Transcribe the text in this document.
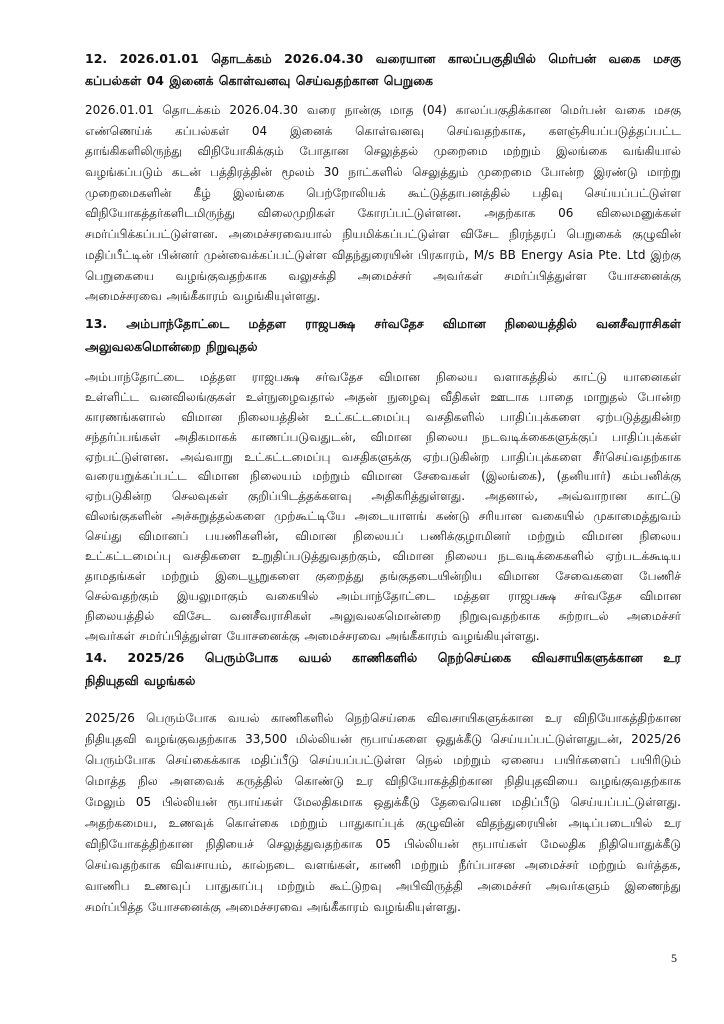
12. 2026.01.01 தொடக்கம் 2026.04.30 வரையான காலப்பகுதியில் மெர்பன் வகை மசகு
கப்பல்கள் 04 இனைக் கொள்வனவு செய்வதற்கான பெறுகை
2026.01.01 தொடக்கம் 2026.04.30 வரை நான்கு மாத (04) காலப்பகுதிக்கான மெர்பன் வகை மசகு
எண்ணெய்க் கப்பல்கள் 04 இனைக் கொள்வனவு செய்வதற்காக, களஞ்சியப்படுத்தப்பட்ட
தாங்கிகளிலிருந்து விநியோகிக்கும் போதான செலுத்தல் முறைமை மற்றும் இலங்கை வங்கியால்
வழங்கப்படும் கடன் பத்திரத்தின் மூலம் 30 நாட்களில் செலுத்தும் முறைமை போன்ற இரண்டு மாற்று
முறைமைகளின் கீழ் இலங்கை பெற்றோலியக் கூட்டுத்தாபனத்தில் பதிவு செய்யப்பட்டுள்ள
விநியோகத்தர்களிடமிருந்து விலைமுறிகள் கோரப்பட்டுள்ளன. அதற்காக 06 விலைமனுக்கள்
சமர்ப்பிக்கப்பட்டுள்ளன. அமைச்சரவையால் நியமிக்கப்பட்டுள்ள விசேட நிரந்தரப் பெறுகைக் குழுவின்
மதிப்பீட்டின் பின்னர் முன்வைக்கப்பட்டுள்ள விதந்துரையின் பிரகாரம், M/s BB Energy Asia Pte. Ltd இற்கு
பெறுகையை வழங்குவதற்காக வலுசக்தி அமைச்சர் அவர்கள் சமர்ப்பித்துள்ள யோசனைக்கு
அமைச்சரவை அங்கீகாரம் வழங்கியுள்ளது.
13. அம்பாந்தோட்டை மத்தள ராஜபக்ஷ சர்வதேச விமான நிலையத்தில் வனசீவராசிகள்
அலுவலகமொன்றை நிறுவுதல்
அம்பாந்தோட்டை மத்தள ராஜபக்ஷ சர்வதேச விமான நிலைய வளாகத்தில் காட்டு யானைகள்
உள்ளிட்ட வனவிலங்குகள் உள்நுழைவதால் அதன் நுழைவு வீதிகள் ஊடாக பாதை மாறுதல் போன்ற
காரணங்களால் விமான நிலையத்தின் உட்கட்டமைப்பு வசதிகளில் பாதிப்புக்களை ஏற்படுத்துகின்ற
சந்தர்ப்பங்கள் அதிகமாகக் காணப்படுவதுடன், விமான நிலைய நடவடிக்கைகளுக்குப் பாதிப்புக்கள்
ஏற்பட்டுள்ளன. அவ்வாறு உட்கட்டமைப்பு வசதிகளுக்கு ஏற்படுகின்ற பாதிப்புக்களை சீர்செய்வதற்காக
வரையறுக்கப்பட்ட விமான நிலையம் மற்றும் விமான சேவைகள் (இலங்கை), (தனியார்) கம்பனிக்கு
ஏற்படுகின்ற செலவுகள் குறிப்பிடத்தக்களவு அதிகரித்துள்ளது. அதனால், அவ்வாறான காட்டு
விலங்குகளின் அச்சுறுத்தல்களை முற்கூட்டியே அடையாளங் கண்டு சரியான வகையில் முகாமைத்துவம்
செய்து விமானப் பயணிகளின், விமான நிலையப் பணிக்குழாமினர் மற்றும் விமான நிலைய
உட்கட்டமைப்பு வசதிகளை உறுதிப்படுத்துவதற்கும், விமான நிலைய நடவடிக்கைகளில் ஏற்படக்கூடிய
தாமதங்கள் மற்றும் இடையூறுகளை குறைத்து தங்குதடையின்றிய விமான சேவைகளை பேணிச்
செல்வதற்கும் இயலுமாகும் வகையில் அம்பாந்தோட்டை மத்தள ராஜபக்ஷ சர்வதேச விமான
நிலையத்தில் விசேட வனசீவராசிகள் அலுவலகமொன்றை நிறுவுவதற்காக சுற்றாடல் அமைச்சர்
அவர்கள் சமர்ப்பித்துள்ள யோசனைக்கு அமைச்சரவை அங்கீகாரம் வழங்கியுள்ளது.
14. 2025/26 பெரும்போக வயல் காணிகளில் நெற்செய்கை விவசாயிகளுக்கான உர
நிதியுதவி வழங்கல்
2025/26 பெரும்போக வயல் காணிகளில் நெற்செய்கை விவசாயிகளுக்கான உர விநியோகத்திற்கான
நிதியுதவி வழங்குவதற்காக 33,500 மில்லியன் ரூபாய்களை ஒதுக்கீடு செய்யப்பட்டுள்ளதுடன், 2025/26
பெரும்போக செய்கைக்காக மதிப்பீடு செய்யப்பட்டுள்ள நெல் மற்றும் ஏனைய பயிர்களைப் பயிரிடும்
மொத்த நில அளவைக் கருத்தில் கொண்டு உர விநியோகத்திற்கான நிதியுதவியை வழங்குவதற்காக
மேலும் 05 பில்லியன் ரூபாய்கள் மேலதிகமாக ஒதுக்கீடு தேவையென மதிப்பீடு செய்யப்பட்டுள்ளது.
அதற்கமைய, உணவுக் கொள்கை மற்றும் பாதுகாப்புக் குழுவின் விதந்துரையின் அடிப்படையில் உர
விநியோகத்திற்கான நிதியைச் செலுத்துவதற்காக 05 பில்லியன் ரூபாய்கள் மேலதிக நிதியொதுக்கீடு
செய்வதற்காக விவசாயம், கால்நடை வளங்கள், காணி மற்றும் நீர்ப்பாசன அமைச்சர் மற்றும் வர்த்தக,
வாணிப உணவுப் பாதுகாப்பு மற்றும் கூட்டுறவு அபிவிருத்தி அமைச்சர் அவர்களும் இணைந்து
சமர்ப்பித்த யோசனைக்கு அமைச்சரவை அங்கீகாரம் வழங்கியுள்ளது.
5
